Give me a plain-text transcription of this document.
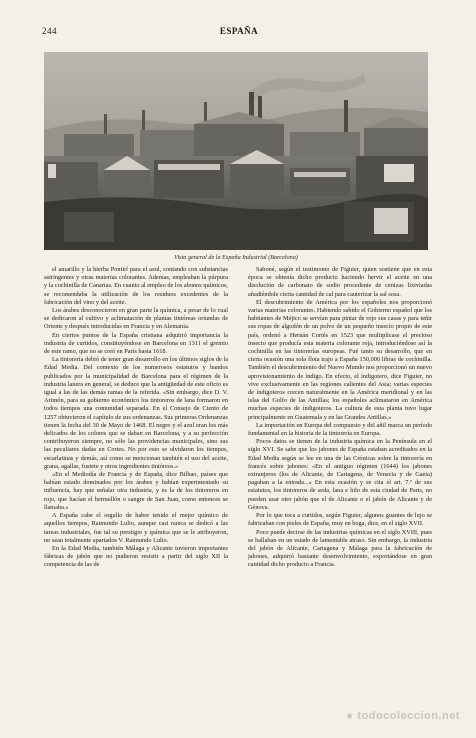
244	ESPAÑA
Vista general de la España Industrial (Barcelona)

el amarillo y la hierba Pontirl para el azul, contando con substancias astringentes y otras materias colorantes. Ademas, empleaban la púrpura y la cochinilla de Canarias. En cuanto al empleo de los abonos químicos, se recomendaba la utilización de los residuos excedentes de la fabricación del vino y del aceite.

Los árabes desconocieron en gran parte la química, a pesar de lo cual se dedicaron al cultivo y aclimatación de plantas tintóreas oriundas de Oriente y después introducidas en Francia y en Alemania.

En ciertos puntos de la España cristiana adquirió importancia la industria de curtidos, constituyéndose en Barcelona en 1311 el gremio de este ramo, que no se creó en París hasta 1618.

La tintorería debió de tener gran desarrollo en los últimos siglos de la Edad Media. Del contexto de los numerosos estatutos y bandos publicados por la municipalidad de Barcelona para el régimen de la industria lanera en general, se deduce que la antigüedad de este oficio es igual a las de las demás ramas de la referida. «Sin embargo, dice D. V. Arimón, para su gobierno económico los tintoreros de lana formaron en todos tiempos una comunidad separada. En el Consejo de Ciento de 1257 obtuvieron el capítulo de sus ordenanzas. Sus primeras Ordenanzas tienen la fecha del 30 de Mayo de 1468. El negro y el azul eran los más delicados de los colores que se daban en Barcelona, y a su perfección contribuyeron siempre, no sólo las providencias municipales, sino sus las peculiares dadas en Cortes. No por esto se olvidaron los tiempos, escarlatinas y demás, así como se mencionan también el uso del aceite, grana, agallas, fustete y otros ingredientes tintóreos.»

«En el Mediodía de Francia y de España, dice Bilbao, países que habían estado dominados por los árabes y habían experimentado su influencia, hay que señalar otra industria, y es la de los tintoreros en rojo, que hacían el bermellón o sangre de San Juan, como entonces se llamaba.»

A España cabe el orgullo de haber tenido el mejor químico de aquellos tiempos, Raimundo Lulio, aunque casi nunca se dedicó a las tareas industriales, fue tal su prestigio y química que se le atribuyeron, no sean totalmente apartados V. Raimundo Lulio.

En la Edad Media, también Málaga y Alicante tuvieron importantes fábricas de jabón que no pudieron resistir a partir del siglo XII la competencia de las de

Saboné, según el testimonio de Figuier, quien sostiene que en esta época se obtenía dicho producto haciendo hervir el aceite en una disolución de carbonato de sodio procedente de cenizas lixiviadas añadiéndole cierta cantidad de cal para cauterizar la sal sosa.

El descubrimiento de América por los españoles nos proporcionó varias materias colorantes. Habiendo sabido el Gobierno español que los habitantes de Méjico se servían para pintar de rojo sus casas y para teñir sus ropas de algodón de un polvo de un pequeño insecto propio de este país, ordenó a Hernán Cortés en 1523 que multiplicase el precioso insecto que producía esta materia colorante roja, introduciéndose así la cochinilla en las tintorerías europeas. Fué tanto su desarrollo, que en cierta ocasión una sola flota trajo a España 150,000 libras de cochinilla. También el descubrimiento del Nuevo Mundo nos proporcionó un nuevo aprovisionamiento de índigo. En efecto, el índigotero, dice Figuier, no vive exclusivamente en las regiones calientes del Asia; varias especies de índigoteros crecen naturalmente en la América meridional y en las islas del Golfo de las Antillas; los españoles aclimataron en América muchas especies de índigoteros. La cultura de esta planta tuvo lugar principalmente en Guatemala y en las Grandes Antillas.»

La importación en Europa del compuesto y del añil marca un período fundamental en la historia de la tintorería en Europa.

Pocos datos se tienen de la industria química en la Península en el siglo XVI. Se sabe que los jabones de España estaban acreditados en la Edad Media según se lee en una de las Crónicas sobre la tintorería en francés sobre jabones: «En el antiguo régimen (1644) los jabones extranjeros (los de Alicante, de Cartagena, de Venecia y de Gaeta) pagaban a la entrada...» En esta ocasión y se cita el art. 7.º de sus estatutos, los tintoreros de seda, lana e hilo de esta ciudad de Paris, no pueden usar otro jabón que el de Alicante o el jabón de Alicante y de Génova.

Por lo que toca a curtidos, según Figuier, algunos guantes de lujo se fabricaban con pieles de España, muy en boga, dice, en el siglo XVII.

Poco puede decirse de las industrias químicas en el siglo XVIII, pues se hallaban en un estado de lamentable atraso. Sin embargo, la industria del jabón de Alicante, Cartagena y Málaga para la fabricación de jabones, adquirió bastante desenvolvimiento, exportándose en gran cantidad dicho producto a Francia.

● todocoleccion.net
